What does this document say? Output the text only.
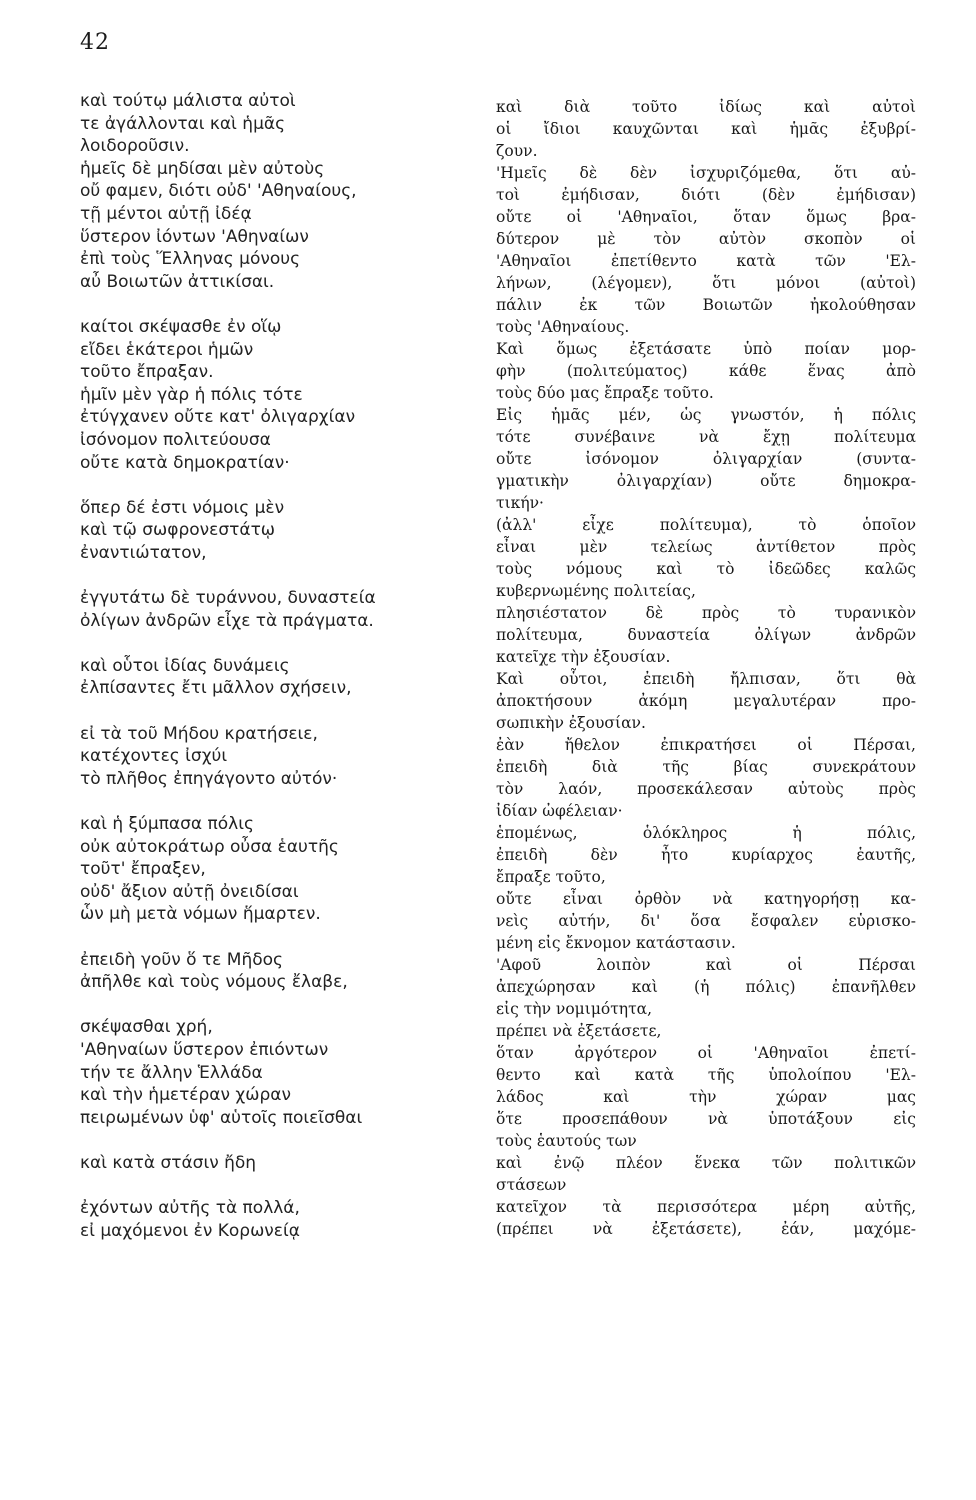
42
καὶ τούτῳ μάλιστα αὐτοὶ
τε ἀγάλλονται καὶ ἡμᾶς
λοιδοροῦσιν.
ἡμεῖς δὲ μηδίσαι μὲν αὐτοὺς
οὔ φαμεν, διότι οὐδ' 'Αθηναίους,
τῇ μέντοι αὐτῇ ἰδέᾳ
ὕστερον ἰόντων 'Αθηναίων
ἐπὶ τοὺς Ἕλληνας μόνους
αὖ Βοιωτῶν ἀττικίσαι.

καίτοι σκέψασθε ἐν οἵῳ
εἴδει ἑκάτεροι ἡμῶν
τοῦτο ἔπραξαν.
ἡμῖν μὲν γὰρ ἡ πόλις τότε
ἐτύγχανεν οὔτε κατ' ὀλιγαρχίαν
ἰσόνομον πολιτεύουσα
οὔτε κατὰ δημοκρατίαν·

ὅπερ δέ ἐστι νόμοις μὲν
καὶ τῷ σωφρονεστάτῳ
ἐναντιώτατον,

ἐγγυτάτω δὲ τυράννου, δυναστεία
ὀλίγων ἀνδρῶν εἶχε τὰ πράγματα.

καὶ οὗτοι ἰδίας δυνάμεις
ἐλπίσαντες ἔτι μᾶλλον σχήσειν,

εἰ τὰ τοῦ Μήδου κρατήσειε,
κατέχοντες ἰσχύι
τὸ πλῆθος ἐπηγάγοντο αὐτόν·

καὶ ἡ ξύμπασα πόλις
οὐκ αὐτοκράτωρ οὖσα ἑαυτῆς
τοῦτ' ἔπραξεν,
οὐδ' ἄξιον αὐτῇ ὀνειδίσαι
ὧν μὴ μετὰ νόμων ἥμαρτεν.

ἐπειδὴ γοῦν ὅ τε Μῆδος
ἀπῆλθε καὶ τοὺς νόμους ἔλαβε,

σκέψασθαι χρή,
'Αθηναίων ὕστερον ἐπιόντων
τήν τε ἄλλην Ἑλλάδα
καὶ τὴν ἡμετέραν χώραν
πειρωμένων ὑφ' αὑτοῖς ποιεῖσθαι

καὶ κατὰ στάσιν ἤδη

ἐχόντων αὐτῆς τὰ πολλά,
εἰ μαχόμενοι ἐν Κορωνείᾳ
καὶ διὰ τοῦτο ἰδίως καὶ αὐτοὶ
οἱ ἴδιοι καυχῶνται καὶ ἡμᾶς ἐξυβρί-
ζουν.
'Ημεῖς δὲ δὲν ἰσχυριζόμεθα, ὅτι αὐ-
τοὶ ἐμήδισαν, διότι (δὲν ἐμήδισαν)
οὔτε οἱ 'Αθηναῖοι, ὅταν ὅμως βρα-
δύτερον μὲ τὸν αὐτὸν σκοπὸν οἱ
'Αθηναῖοι ἐπετίθεντο κατὰ τῶν 'Ελ-
λήνων, (λέγομεν), ὅτι μόνοι (αὐτοὶ)
πάλιν ἐκ τῶν Βοιωτῶν ἠκολούθησαν
τοὺς 'Αθηναίους.
Καὶ ὅμως ἐξετάσατε ὑπὸ ποίαν μορ-
φὴν (πολιτεύματος) κάθε ἕνας ἀπὸ
τοὺς δύο μας ἔπραξε τοῦτο.
Εἰς ἡμᾶς μέν, ὡς γνωστόν, ἡ πόλις
τότε συνέβαινε νὰ ἔχῃ πολίτευμα
οὔτε ἰσόνομον ὀλιγαρχίαν (συντα-
γματικὴν ὀλιγαρχίαν) οὔτε δημοκρα-
τικήν·
(ἀλλ' εἶχε πολίτευμα), τὸ ὁποῖον
εἶναι μὲν τελείως ἀντίθετον πρὸς
τοὺς νόμους καὶ τὸ ἰδεῶδες καλῶς
κυβερνωμένης πολιτείας,
πλησιέστατον δὲ πρὸς τὸ τυρανικὸν
πολίτευμα, δυναστεία ὀλίγων ἀνδρῶν
κατεῖχε τὴν ἐξουσίαν.
Καὶ οὗτοι, ἐπειδὴ ἤλπισαν, ὅτι θὰ
ἀποκτήσουν ἀκόμη μεγαλυτέραν προ-
σωπικὴν ἐξουσίαν.
ἐὰν ἤθελον ἐπικρατήσει οἱ Πέρσαι,
ἐπειδὴ διὰ τῆς βίας συνεκράτουν
τὸν λαόν, προσεκάλεσαν αὐτοὺς πρὸς
ἰδίαν ὠφέλειαν·
ἑπομένως, ὁλόκληρος ἡ πόλις,
ἐπειδὴ δὲν ἦτο κυρίαρχος ἑαυτῆς,
ἔπραξε τοῦτο,
οὔτε εἶναι ὀρθὸν νὰ κατηγορήσῃ κα-
νεὶς αὐτήν, δι' ὅσα ἔσφαλεν εὑρισκο-
μένη εἰς ἔκνομον κατάστασιν.
'Αφοῦ λοιπὸν καὶ οἱ Πέρσαι
ἀπεχώρησαν καὶ (ἡ πόλις) ἐπανῆλθεν
εἰς τὴν νομιμότητα,
πρέπει νὰ ἐξετάσετε,
ὅταν ἀργότερον οἱ 'Αθηναῖοι ἐπετί-
θεντο καὶ κατὰ τῆς ὑπολοίπου 'Ελ-
λάδος καὶ τὴν χώραν μας
ὅτε προσεπάθουν νὰ ὑποτάξουν εἰς
τοὺς ἑαυτούς των
καὶ ἐνῷ πλέον ἕνεκα τῶν πολιτικῶν
στάσεων
κατεῖχον τὰ περισσότερα μέρη αὐτῆς,
(πρέπει νὰ ἐξετάσετε), ἐάν, μαχόμε-
